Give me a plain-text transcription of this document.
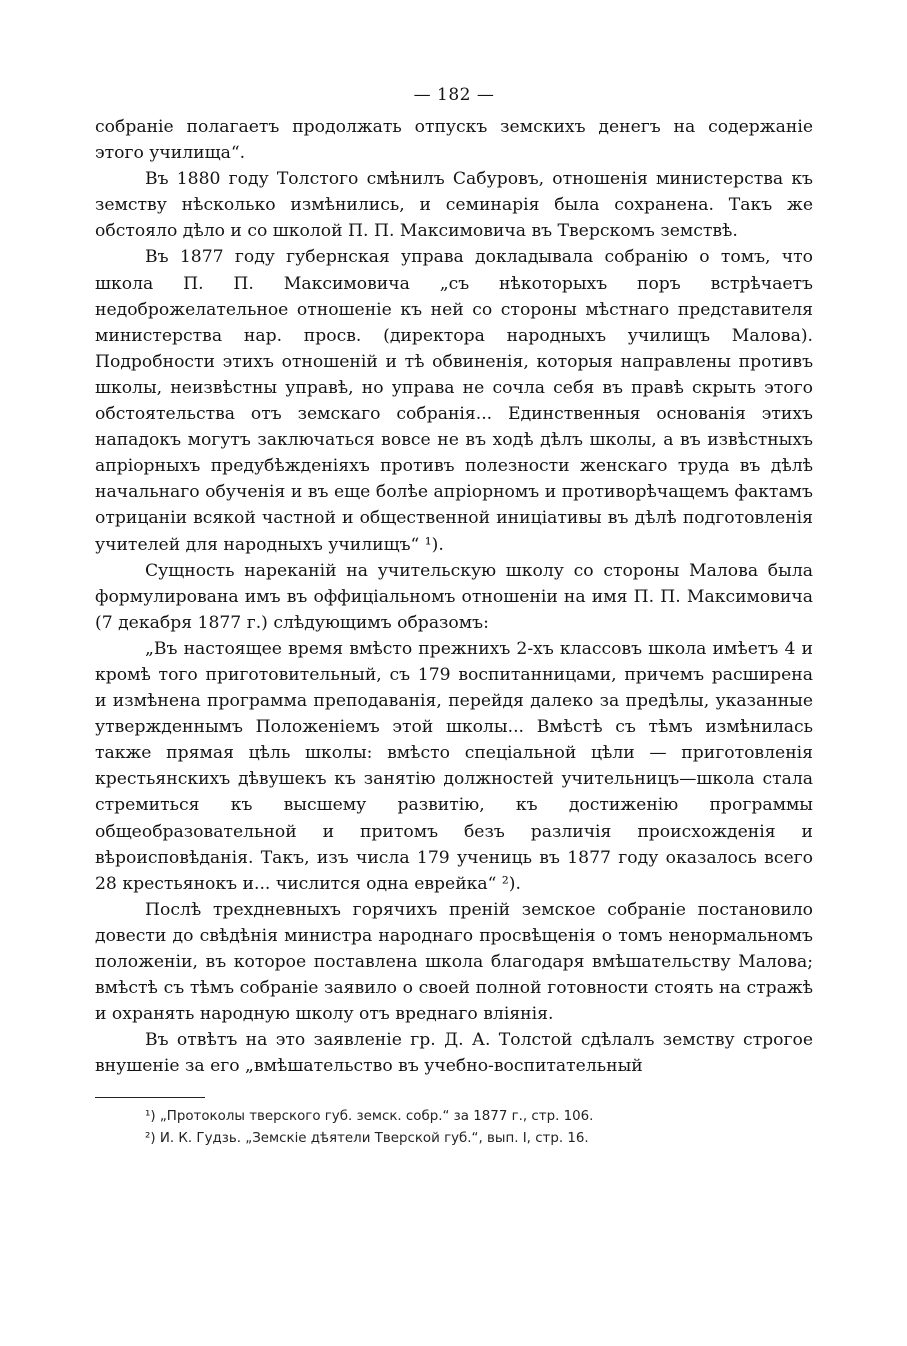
— 182 —

собраніе полагаетъ продолжать отпускъ земскихъ денегъ на содержаніе этого училища“.

Въ 1880 году Толстого смѣнилъ Сабуровъ, отношенія министерства къ земству нѣсколько измѣнились, и семинарія была сохранена. Такъ же обстояло дѣло и со школой П. П. Максимовича въ Тверскомъ земствѣ.

Въ 1877 году губернская управа докладывала собранію о томъ, что школа П. П. Максимовича „съ нѣкоторыхъ поръ встрѣчаетъ недоброжелательное отношеніе къ ней со стороны мѣстнаго представителя министерства нар. просв. (директора народныхъ училищъ Малова). Подробности этихъ отношеній и тѣ обвиненія, которыя направлены противъ школы, неизвѣстны управѣ, но управа не сочла себя въ правѣ скрыть этого обстоятельства отъ земскаго собранія... Единственныя основанія этихъ нападокъ могутъ заключаться вовсе не въ ходѣ дѣлъ школы, а въ извѣстныхъ апріорныхъ предубѣжденіяхъ противъ полезности женскаго труда въ дѣлѣ начальнаго обученія и въ еще болѣе апріорномъ и противорѣчащемъ фактамъ отрицаніи всякой частной и общественной иниціативы въ дѣлѣ подготовленія учителей для народныхъ училищъ“ ¹).

Сущность нареканій на учительскую школу со стороны Малова была формулирована имъ въ оффиціальномъ отношеніи на имя П. П. Максимовича (7 декабря 1877 г.) слѣдующимъ образомъ:

„Въ настоящее время вмѣсто прежнихъ 2-хъ классовъ школа имѣетъ 4 и кромѣ того приготовительный, съ 179 воспитанницами, причемъ расширена и измѣнена программа преподаванія, перейдя далеко за предѣлы, указанные утвержденнымъ Положеніемъ этой школы... Вмѣстѣ съ тѣмъ измѣнилась также прямая цѣль школы: вмѣсто спеціальной цѣли — приготовленія крестьянскихъ дѣвушекъ къ занятію должностей учительницъ—школа стала стремиться къ высшему развитію, къ достиженію программы общеобразовательной и притомъ безъ различія происхожденія и вѣроисповѣданія. Такъ, изъ числа 179 учениць въ 1877 году оказалось всего 28 крестьянокъ и... числится одна еврейка“ ²).

Послѣ трехдневныхъ горячихъ преній земское собраніе постановило довести до свѣдѣнія министра народнаго просвѣщенія о томъ ненормальномъ положеніи, въ которое поставлена школа благодаря вмѣшательству Малова; вмѣстѣ съ тѣмъ собраніе заявило о своей полной готовности стоять на стражѣ и охранять народную школу отъ вреднаго вліянія.

Въ отвѣтъ на это заявленіе гр. Д. А. Толстой сдѣлалъ земству строгое внушеніе за его „вмѣшательство въ учебно-воспитательный

¹) „Протоколы тверского губ. земск. собр.“ за 1877 г., стр. 106.

²) И. К. Гудзь. „Земскіе дѣятели Тверской губ.“, вып. I, стр. 16.
